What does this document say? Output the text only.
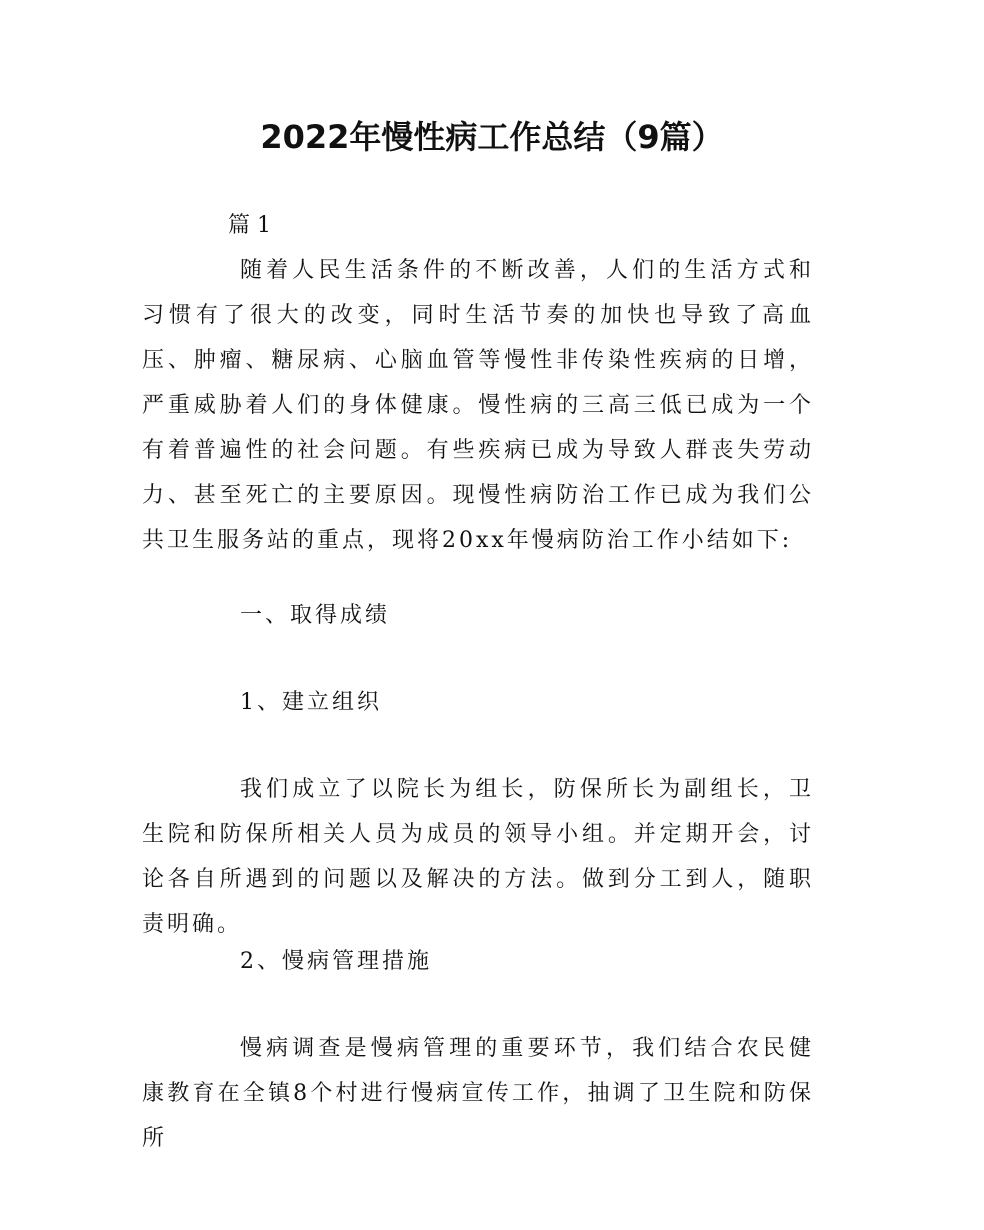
2022年慢性病工作总结（9篇）
篇 1

随着人民生活条件的不断改善，人们的生活方式和习惯有了很大的改变，同时生活节奏的加快也导致了高血压、肿瘤、糖尿病、心脑血管等慢性非传染性疾病的日增，严重威胁着人们的身体健康。慢性病的三高三低已成为一个有着普遍性的社会问题。有些疾病已成为导致人群丧失劳动力、甚至死亡的主要原因。现慢性病防治工作已成为我们公共卫生服务站的重点，现将20xx年慢病防治工作小结如下:

一、取得成绩

1、建立组织

我们成立了以院长为组长，防保所长为副组长，卫生院和防保所相关人员为成员的领导小组。并定期开会，讨论各自所遇到的问题以及解决的方法。做到分工到人，随职责明确。

2、慢病管理措施

慢病调查是慢病管理的重要环节，我们结合农民健康教育在全镇8个村进行慢病宣传工作，抽调了卫生院和防保所
